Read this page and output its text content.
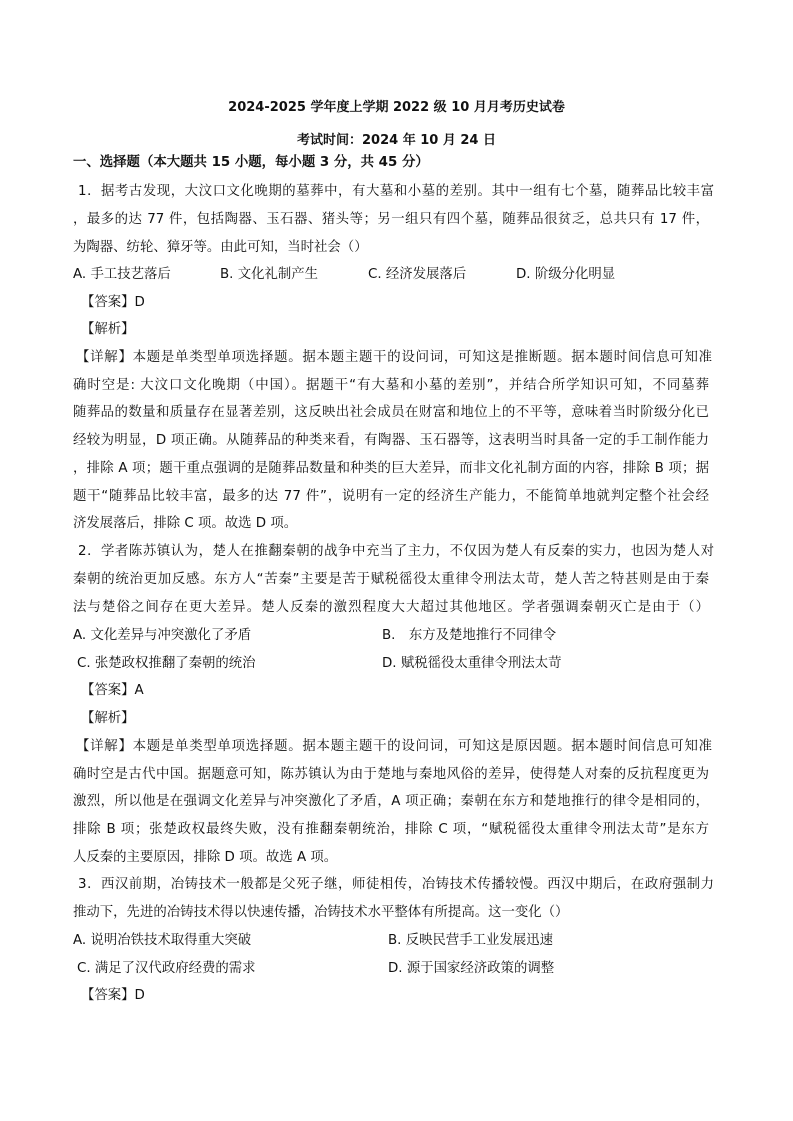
2024-2025 学年度上学期 2022 级 10 月月考历史试卷
考试时间：2024 年 10 月 24 日
一、选择题（本大题共 15 小题，每小题 3 分，共 45 分）
1．据考古发现，大汶口文化晚期的墓葬中，有大墓和小墓的差别。其中一组有七个墓，随葬品比较丰富
，最多的达 77 件，包括陶器、玉石器、猪头等；另一组只有四个墓，随葬品很贫乏，总共只有 17 件，
为陶器、纺轮、獐牙等。由此可知，当时社会（）
A. 手工技艺落后	B. 文化礼制产生	C. 经济发展落后	D. 阶级分化明显
【答案】D
【解析】
【详解】本题是单类型单项选择题。据本题主题干的设问词，可知这是推断题。据本题时间信息可知准
确时空是: 大汶口文化晚期（中国）。据题干“有大墓和小墓的差别”，并结合所学知识可知，不同墓葬
随葬品的数量和质量存在显著差别，这反映出社会成员在财富和地位上的不平等，意味着当时阶级分化已
经较为明显，D 项正确。从随葬品的种类来看，有陶器、玉石器等，这表明当时具备一定的手工制作能力
，排除 A 项；题干重点强调的是随葬品数量和种类的巨大差异，而非文化礼制方面的内容，排除 B 项；据
题干“随葬品比较丰富，最多的达 77 件”，说明有一定的经济生产能力，不能简单地就判定整个社会经
济发展落后，排除 C 项。故选 D 项。
2．学者陈苏镇认为，楚人在推翻秦朝的战争中充当了主力，不仅因为楚人有反秦的实力，也因为楚人对
秦朝的统治更加反感。东方人“苦秦”主要是苦于赋税徭役太重律令刑法太苛，楚人苦之特甚则是由于秦
法与楚俗之间存在更大差异。楚人反秦的激烈程度大大超过其他地区。学者强调秦朝灭亡是由于（）
A. 文化差异与冲突激化了矛盾	B.　东方及楚地推行不同律令
C. 张楚政权推翻了秦朝的统治	D. 赋税徭役太重律令刑法太苛
【答案】A
【解析】
【详解】本题是单类型单项选择题。据本题主题干的设问词，可知这是原因题。据本题时间信息可知准
确时空是古代中国。据题意可知，陈苏镇认为由于楚地与秦地风俗的差异，使得楚人对秦的反抗程度更为
激烈，所以他是在强调文化差异与冲突激化了矛盾，A 项正确；秦朝在东方和楚地推行的律令是相同的，
排除 B 项；张楚政权最终失败，没有推翻秦朝统治，排除 C 项，“赋税徭役太重律令刑法太苛”是东方
人反秦的主要原因，排除 D 项。故选 A 项。
3．西汉前期，冶铸技术一般都是父死子继，师徒相传，冶铸技术传播较慢。西汉中期后，在政府强制力
推动下，先进的冶铸技术得以快速传播，冶铸技术水平整体有所提高。这一变化（）
A. 说明冶铁技术取得重大突破	B. 反映民营手工业发展迅速
C. 满足了汉代政府经费的需求	D. 源于国家经济政策的调整
【答案】D
